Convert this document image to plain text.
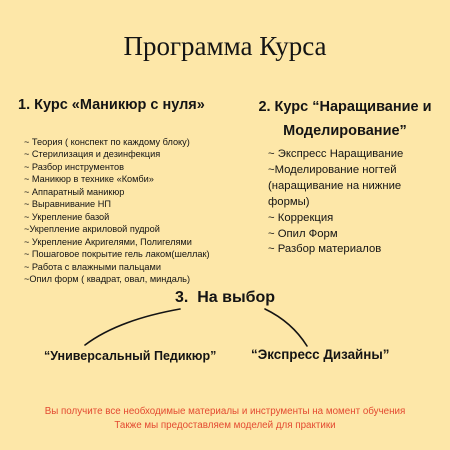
Программа Курса
1. Курс «Маникюр с нуля»
~ Теория ( конспект по каждому блоку)
~ Стерилизация и дезинфекция
~ Разбор инструментов
~ Маникюр в технике «Комби»
~ Аппаратный маникюр
~ Выравнивание НП
~ Укрепление базой
~Укрепление акриловой пудрой
~ Укрепление Акригелями, Полигелями
~ Пошаговое покрытие гель лаком(шеллак)
~ Работа с влажными пальцами
~Опил форм ( квадрат, овал, миндаль)
2. Курс “Наращивание и
Моделирование”
~ Экспресс Наращивание
~Моделирование ногтей
(наращивание на нижние
формы)
~ Коррекция
~ Опил Форм
~ Разбор материалов
3.  На выбор
“Универсальный Педикюр”	“Экспресс Дизайны”
Вы получите все необходимые материалы и инструменты на момент обучения
Также мы предоставляем моделей для практики
